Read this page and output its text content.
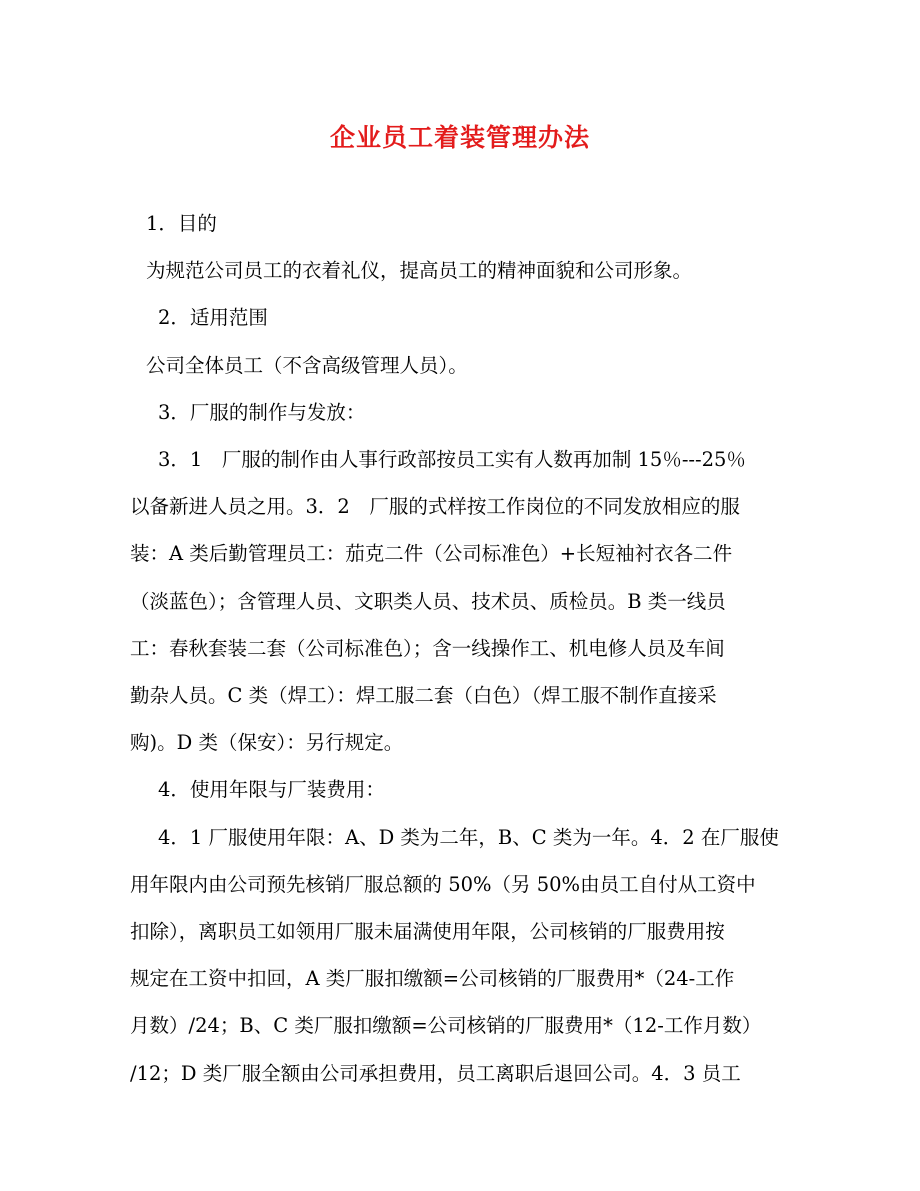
企业员工着装管理办法

1．目的

为规范公司员工的衣着礼仪，提高员工的精神面貌和公司形象。

2．适用范围

公司全体员工（不含高级管理人员）。

3．厂服的制作与发放：

3．1　厂服的制作由人事行政部按员工实有人数再加制 15％---25％
以备新进人员之用。3．2　厂服的式样按工作岗位的不同发放相应的服
装：A 类后勤管理员工：茄克二件（公司标准色）+长短袖衬衣各二件
（淡蓝色）；含管理人员、文职类人员、技术员、质检员。B 类一线员
工：春秋套装二套（公司标准色）；含一线操作工、机电修人员及车间
勤杂人员。C 类（焊工）：焊工服二套（白色）（焊工服不制作直接采
购)。D 类（保安）：另行规定。

4．使用年限与厂装费用：

4．1 厂服使用年限：A、D 类为二年，B、C 类为一年。4．2 在厂服使
用年限内由公司预先核销厂服总额的 50%（另 50%由员工自付从工资中
扣除），离职员工如领用厂服未届满使用年限，公司核销的厂服费用按
规定在工资中扣回，A 类厂服扣缴额=公司核销的厂服费用*（24-工作
月数）/24；B、C 类厂服扣缴额=公司核销的厂服费用*（12-工作月数）
/12；D 类厂服全额由公司承担费用，员工离职后退回公司。4．3 员工
